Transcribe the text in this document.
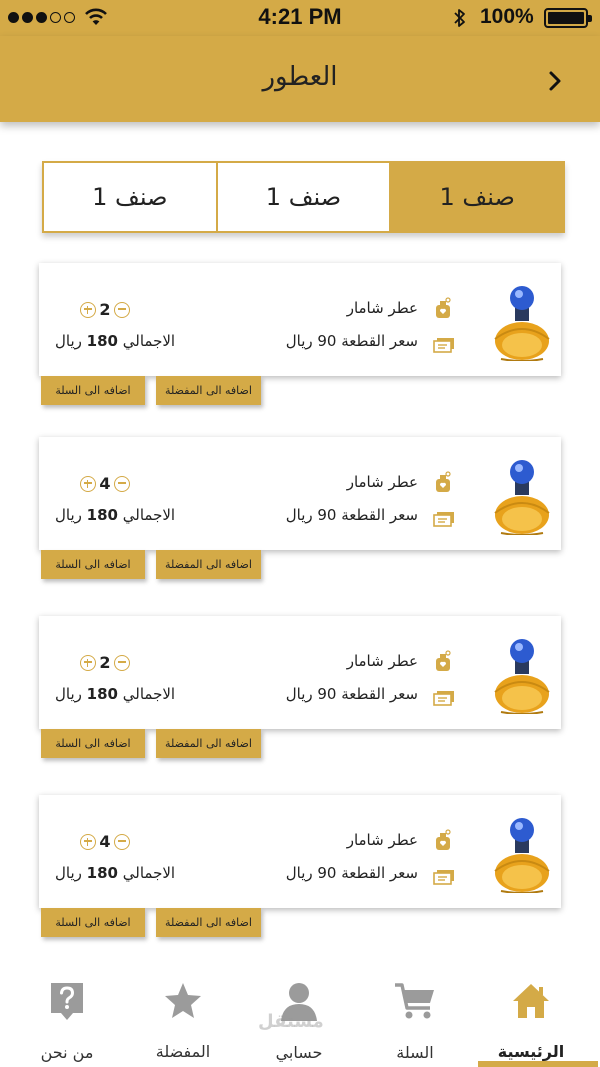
4:21 PM	100%
العطور
صنف 1
صنف 1
صنف 1
عطر شامار
سعر القطعة 90 ريال
2
الاجمالي 180 ريال
اضافه الى السلة	اضافه الى المفضلة
عطر شامار
سعر القطعة 90 ريال
4
الاجمالي 180 ريال
اضافه الى السلة	اضافه الى المفضلة
عطر شامار
سعر القطعة 90 ريال
2
الاجمالي 180 ريال
اضافه الى السلة	اضافه الى المفضلة
عطر شامار
سعر القطعة 90 ريال
4
الاجمالي 180 ريال
اضافه الى السلة	اضافه الى المفضلة
الرئيسية
السلة
حسابي
المفضلة
من نحن
مستقل
